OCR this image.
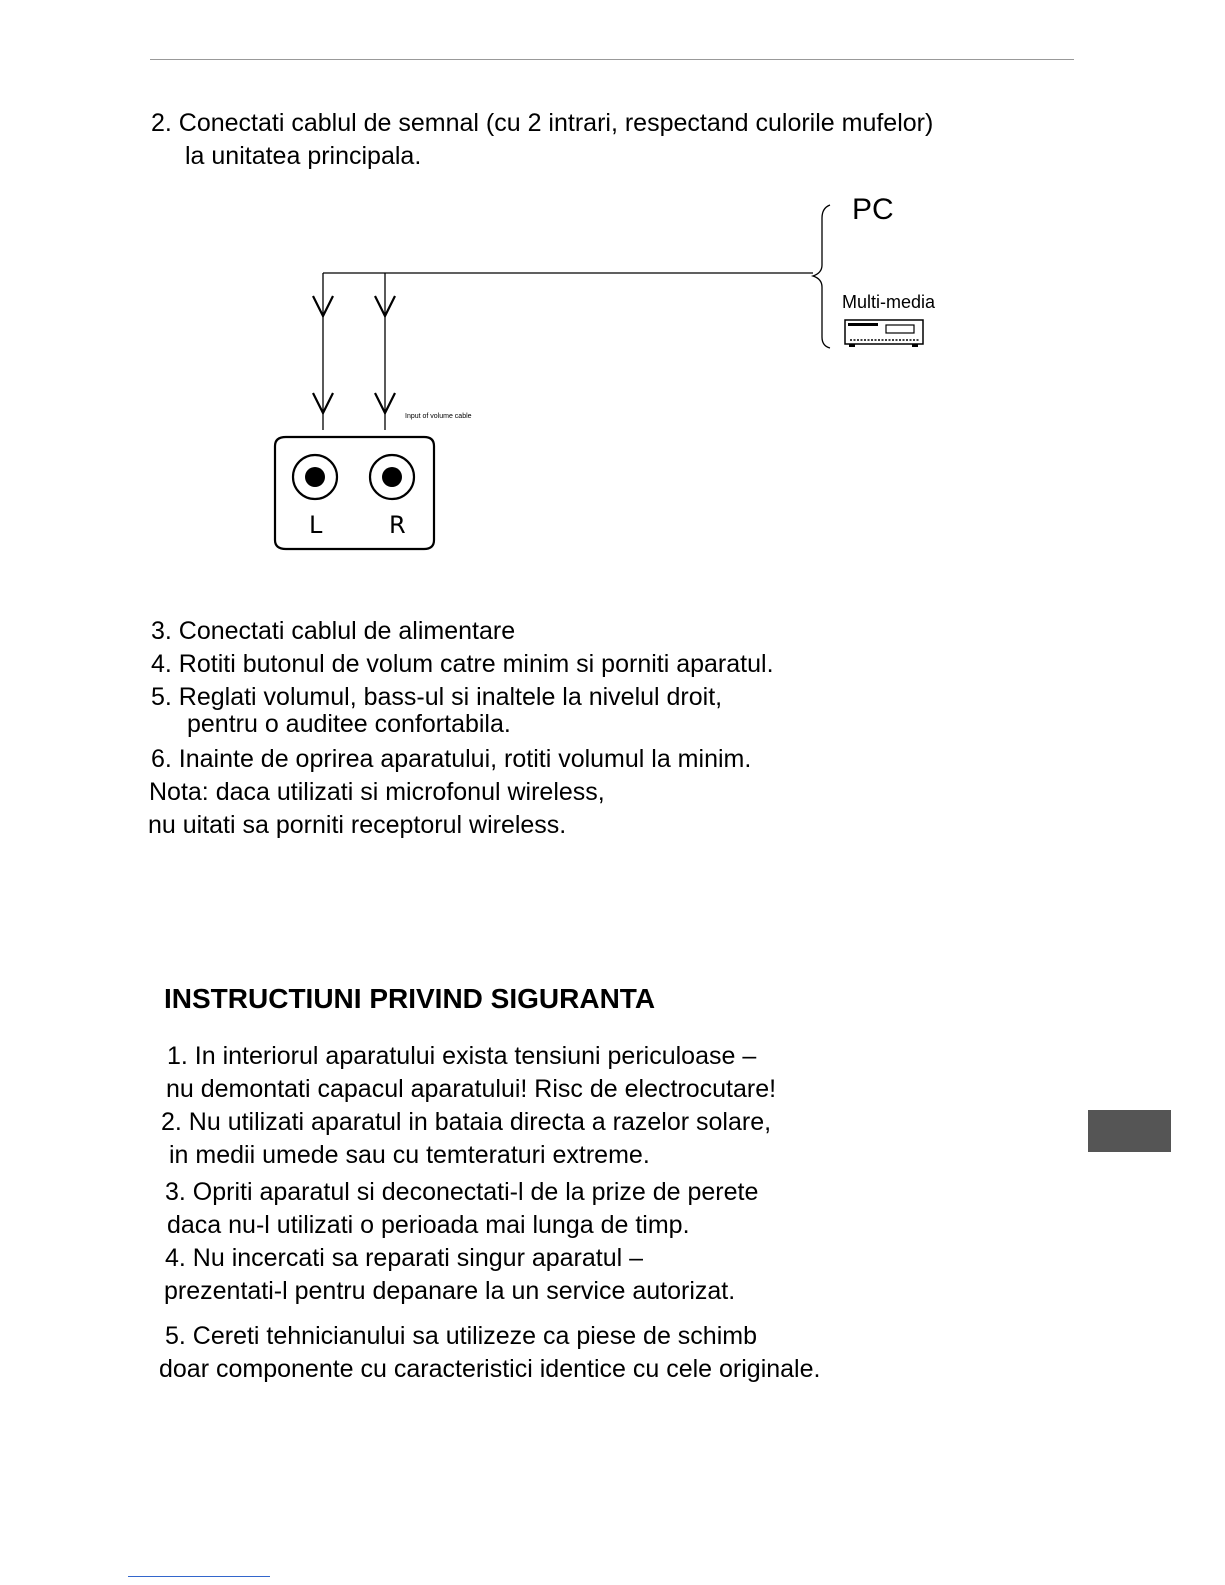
2. Conectati cablul de semnal (cu 2 intrari, respectand culorile mufelor)
la unitatea principala.
PC
Multi-media
Input of volume cable
L	R
3. Conectati cablul de alimentare
4. Rotiti butonul de volum catre minim si porniti aparatul.
5. Reglati volumul, bass-ul si inaltele la nivelul droit,
pentru o auditee confortabila.
6. Inainte de oprirea aparatului, rotiti volumul la minim.
Nota: daca utilizati si microfonul wireless,
nu uitati sa porniti receptorul wireless.
INSTRUCTIUNI PRIVIND SIGURANTA
1. In interiorul aparatului exista tensiuni periculoase –
nu demontati capacul aparatului! Risc de electrocutare!
2. Nu utilizati aparatul in bataia directa a razelor solare,
in medii umede sau cu temteraturi extreme.
3. Opriti aparatul si deconectati-l de la prize de perete
daca nu-l utilizati o perioada mai lunga de timp.
4. Nu incercati sa reparati singur aparatul –
prezentati-l pentru depanare la un service autorizat.
5. Cereti tehnicianului sa utilizeze ca piese de schimb
doar componente cu caracteristici identice cu cele originale.
